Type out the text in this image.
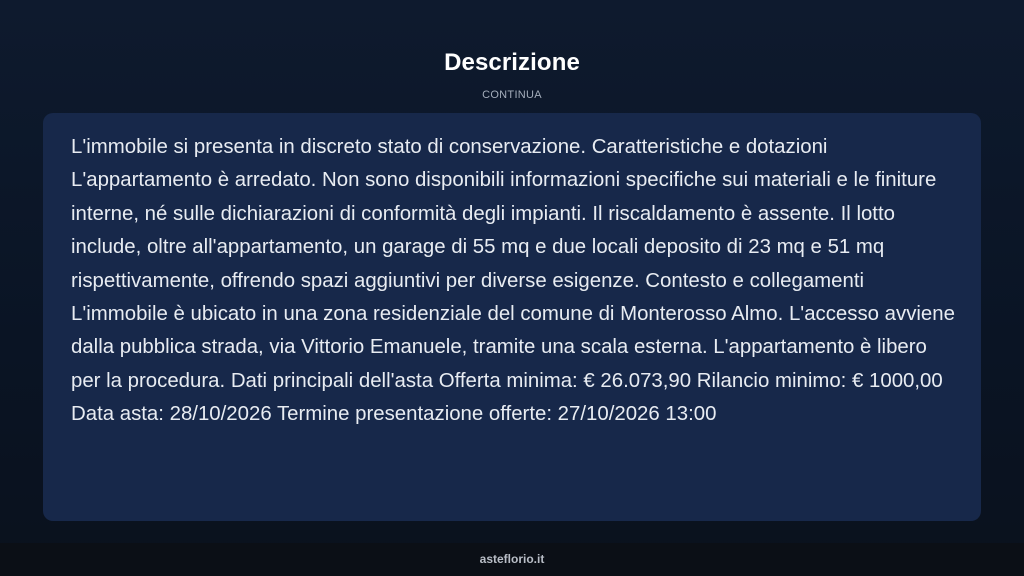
Descrizione
CONTINUA

L'immobile si presenta in discreto stato di conservazione. Caratteristiche e dotazioni L'appartamento è arredato. Non sono disponibili informazioni specifiche sui materiali e le finiture interne, né sulle dichiarazioni di conformità degli impianti. Il riscaldamento è assente. Il lotto include, oltre all'appartamento, un garage di 55 mq e due locali deposito di 23 mq e 51 mq rispettivamente, offrendo spazi aggiuntivi per diverse esigenze. Contesto e collegamenti L'immobile è ubicato in una zona residenziale del comune di Monterosso Almo. L'accesso avviene dalla pubblica strada, via Vittorio Emanuele, tramite una scala esterna. L'appartamento è libero per la procedura. Dati principali dell'asta Offerta minima: € 26.073,90 Rilancio minimo: € 1000,00 Data asta: 28/10/2026 Termine presentazione offerte: 27/10/2026 13:00

asteflorio.it
